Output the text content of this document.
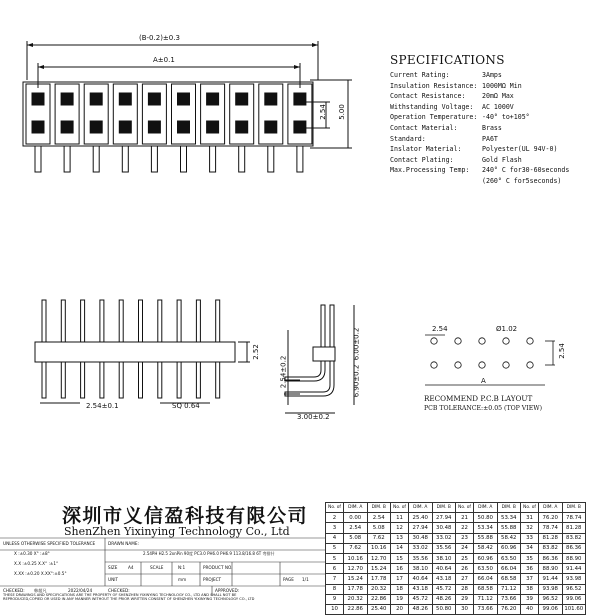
(B-0.2)±0.3
A±0.1
2.54 5.00
2.54±0.1	SQ 0.64
2.52
2.54±0.2
6.00±0.2
6.90±0.2
3.00±0.2
2.54	Ø1.02
2.54
A
RECOMMEND P.C.B LAYOUT
PCB TOLERANCE:±0.05 (TOP VIEW)
SPECIFICATIONS
Current Rating:	3Amps
Insulation Resistance: 1000MΩ Min
Contact Resistance:	20mΩ Max
Withstanding Voltage:	AC 1000V
Operation Temperature: -40° to+105°
Contact Material:	Brass
Standard:	PA6T
Inslator Material:	Polyester(UL 94V-0)
Contact Plating:	Gold Flash
Max.Processing Temp:	240° C for30-60seconds
(260° C for5seconds)
深圳市义信盈科技有限公司
ShenZhen Yixinying Technology Co., Ltd
UNLESS OTHERWISE SPECIFIED TOLERANCE
X :±0.30 X° :±8°
X.X :±0.25 X.X° :±1°
X.XX :±0.20 X.XX°:±0.5°
DRAWN NAME:
2.54PH H2.5 2xnPin 90度 PC3.0 PH6.0 PH6.9 113.8/16.8 6T 弯排针
SIZE	A4	SCALE	N:1	PRODUCT NO.
UNIT	mm	PROJECT	PAGE 1/1
CHECKED: 韩超凡	2022/04/24	CHECKED:	APPROVED:
THESE DRAWINGS AND SPECIFICATIONS ARE THE PROPERTY OF SHENZHEN YIXINYING TECHNOLOGY CO., LTD AND SHALL NOT BE
REPRODUCED,COPIED OR USED IN ANY MANNER WITHOUT THE PRIOR WRITTEN CONSENT OF SHENZHEN YIXINYING TECHNOLOGY CO., LTD
No. of	DIM. A	DIM. B	No. of	DIM. A	DIM. B	No. of	DIM. A	DIM. B	No. of	DIM. A	DIM. B
2	0.00	2.54	11	25.40	27.94	21	50.80	53.34	31	76.20	78.74
3	2.54	5.08	12	27.94	30.48	22	53.34	55.88	32	78.74	81.28
4	5.08	7.62	13	30.48	33.02	23	55.88	58.42	33	81.28	83.82
5	7.62	10.16	14	33.02	35.56	24	58.42	60.96	34	83.82	86.36
5	10.16	12.70	15	35.56	38.10	25	60.96	63.50	35	86.36	88.90
6	12.70	15.24	16	38.10	40.64	26	63.50	66.04	36	88.90	91.44
7	15.24	17.78	17	40.64	43.18	27	66.04	68.58	37	91.44	93.98
8	17.78	20.32	18	43.18	45.72	28	68.58	71.12	38	93.98	96.52
9	20.32	22.86	19	45.72	48.26	29	71.12	73.66	39	96.52	99.06
10	22.86	25.40	20	48.26	50.80	30	73.66	76.20	40	99.06	101.60
